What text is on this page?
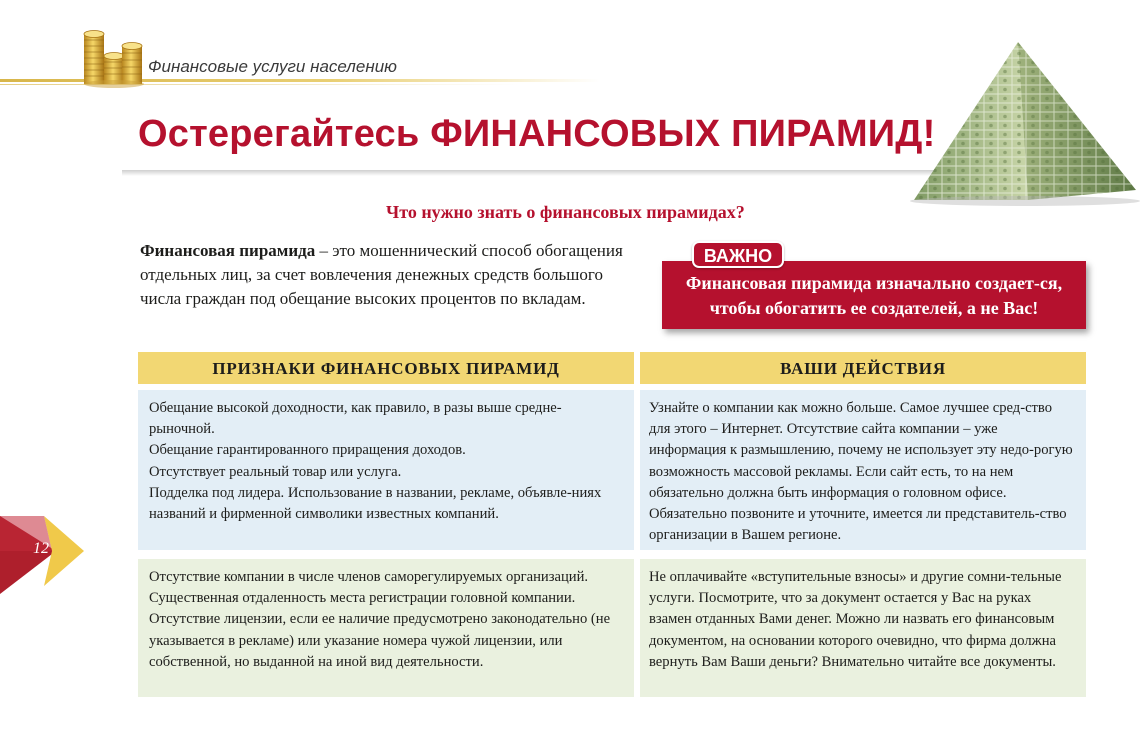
Финансовые услуги населению
Остерегайтесь ФИНАНСОВЫХ ПИРАМИД!
Что нужно знать о финансовых пирамидах?
Финансовая пирамида – это мошеннический способ обогащения отдельных лиц, за счет вовлечения денежных средств большого числа граждан под обещание высоких процентов по вкладам.
Финансовая пирамида изначально создает-ся, чтобы обогатить ее создателей, а не Вас!
ВАЖНО
ПРИЗНАКИ ФИНАНСОВЫХ ПИРАМИД	ВАШИ ДЕЙСТВИЯ

Обещание высокой доходности, как правило, в разы выше средне-рыночной.

Обещание гарантированного приращения доходов.

Отсутствует реальный товар или услуга.

Подделка под лидера. Использование в названии, рекламе, объявле-ниях названий и фирменной символики известных компаний.

Узнайте о компании как можно больше. Самое лучшее сред-ство для этого – Интернет. Отсутствие сайта компании – уже информация к размышлению, почему не использует эту недо-рогую возможность массовой рекламы. Если сайт есть, то на нем обязательно должна быть информация о головном офисе. Обязательно позвоните и уточните, имеется ли представитель-ство организации в Вашем регионе.

Отсутствие компании в числе членов саморегулируемых организаций.

Существенная отдаленность места регистрации головной компании.

Отсутствие лицензии, если ее наличие предусмотрено законодательно (не указывается в рекламе) или указание номера чужой лицензии, или собственной, но выданной на иной вид деятельности.

Не оплачивайте «вступительные взносы» и другие сомни-тельные услуги. Посмотрите, что за документ остается у Вас на руках взамен отданных Вами денег. Можно ли назвать его финансовым документом, на основании которого очевидно, что фирма должна вернуть Вам Ваши деньги? Внимательно читайте все документы.

12
